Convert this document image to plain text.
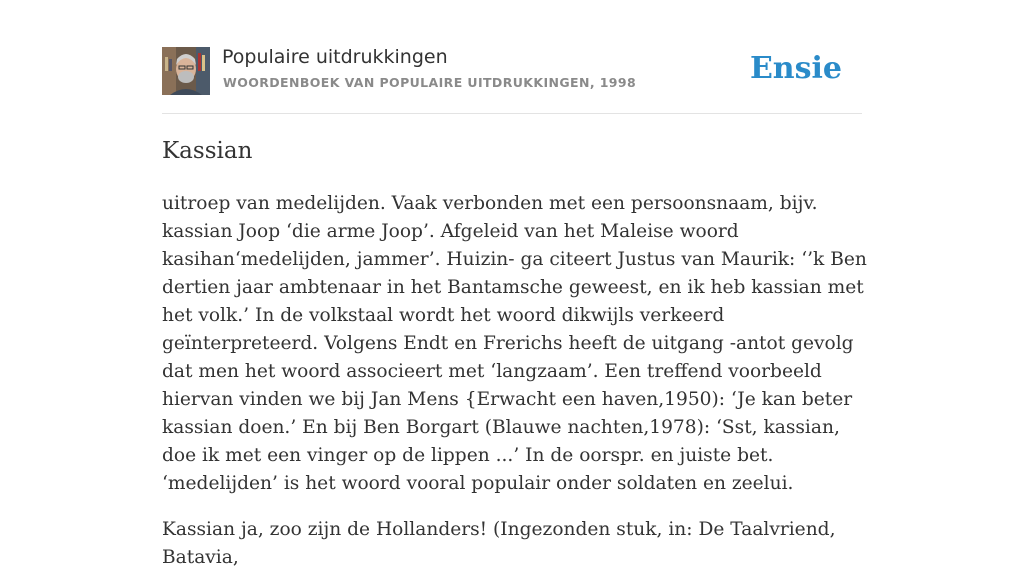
Populaire uitdrukkingen
WOORDENBOEK VAN POPULAIRE UITDRUKKINGEN, 1998	Ensie
Kassian

uitroep van medelijden. Vaak verbonden met een persoonsnaam, bijv. kassian Joop ‘die arme Joop’. Afgeleid van het Maleise woord kasihan‘medelijden, jammer’. Huizin- ga citeert Justus van Maurik: ‘’k Ben dertien jaar ambtenaar in het Bantamsche geweest, en ik heb kassian met het volk.’ In de volkstaal wordt het woord dikwijls verkeerd geïnterpreteerd. Volgens Endt en Frerichs heeft de uitgang -antot gevolg dat men het woord associeert met ‘langzaam’. Een treffend voorbeeld hiervan vinden we bij Jan Mens {Erwacht een haven,1950): ‘Je kan beter kassian doen.’ En bij Ben Borgart (Blauwe nachten,1978): ‘Sst, kassian, doe ik met een vinger op de lippen ...’ In de oorspr. en juiste bet. ‘medelijden’ is het woord vooral populair onder soldaten en zeelui.

Kassian ja, zoo zijn de Hollanders! (Ingezonden stuk, in: De Taalvriend, Batavia,
